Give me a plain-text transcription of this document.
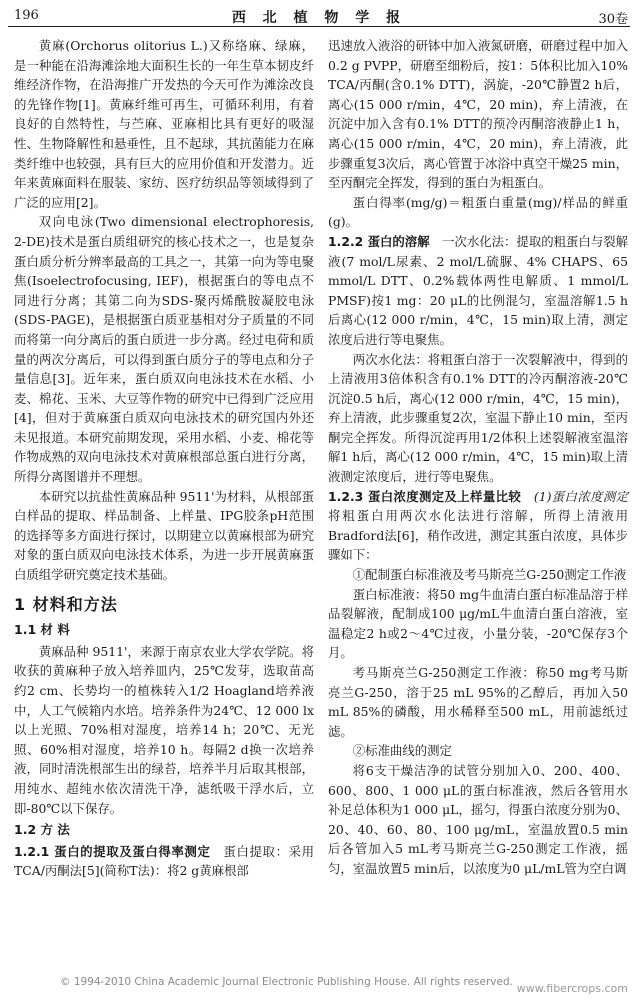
196	西 北 植 物 学 报	30卷

黄麻(Orchorus olitorius L.)又称络麻、绿麻，是一种能在沿海滩涂地大面积生长的一年生草本韧皮纤维经济作物，在沿海推广开发热的今天可作为滩涂改良的先锋作物[1]。黄麻纤维可再生，可循环利用，有着良好的自然特性，与苎麻、亚麻相比具有更好的吸湿性、生物降解性和悬垂性，且不起球，其抗菌能力在麻类纤维中也较强，具有巨大的应用价值和开发潜力。近年来黄麻面料在服装、家纺、医疗纺织品等领域得到了广泛的应用[2]。

双向电泳(Two dimensional electrophoresis, 2-DE)技术是蛋白质组研究的核心技术之一，也是复杂蛋白质分析分辨率最高的工具之一，其第一向为等电聚焦(Isoelectrofocusing, IEF)，根据蛋白的等电点不同进行分离；其第二向为SDS-聚丙烯酰胺凝胶电泳(SDS-PAGE)，是根据蛋白质亚基相对分子质量的不同而将第一向分离后的蛋白质进一步分离。经过电荷和质量的两次分离后，可以得到蛋白质分子的等电点和分子量信息[3]。近年来，蛋白质双向电泳技术在水稻、小麦、棉花、玉米、大豆等作物的研究中已得到广泛应用[4]，但对于黄麻蛋白质双向电泳技术的研究国内外还未见报道。本研究前期发现，采用水稻、小麦、棉花等作物成熟的双向电泳技术对黄麻根部总蛋白进行分离，所得分离图谱并不理想。

本研究以抗盐性黄麻品种 9511'为材料，从根部蛋白样品的提取、样品制备、上样量、IPG胶条pH范围的选择等多方面进行探讨，以期建立以黄麻根部为研究对象的蛋白质双向电泳技术体系，为进一步开展黄麻蛋白质组学研究奠定技术基础。

1 材料和方法
1.1 材 料

黄麻品种 9511'，来源于南京农业大学农学院。将收获的黄麻种子放入培养皿内，25℃发芽，选取苗高约2 cm、长势均一的植株转入1/2 Hoagland培养液中，人工气候箱内水培。培养条件为24℃、12 000 lx以上光照、70%相对湿度，培养14 h；20℃、无光照、60%相对湿度，培养10 h。每隔2 d换一次培养液，同时清洗根部生出的绿苔，培养半月后取其根部，用纯水、超纯水依次清洗干净，滤纸吸干浮水后，立即-80℃以下保存。

1.2 方 法

1.2.1 蛋白的提取及蛋白得率测定　 蛋白提取：采用TCA/丙酮法[5](简称T法)：将2 g黄麻根部

迅速放入液浴的研钵中加入液氮研磨，研磨过程中加入0.2 g PVPP，研磨至细粉后，按1：5体积比加入10% TCA/丙酮(含0.1% DTT)，涡旋，-20℃静置2 h后，离心(15 000 r/min，4℃，20 min)，弃上清液，在沉淀中加入含有0.1% DTT的预冷丙酮溶液静止1 h，离心(15 000 r/min，4℃，20 min)，弃上清液，此步骤重复3次后，离心管置于冰浴中真空干燥25 min，至丙酮完全挥发，得到的蛋白为粗蛋白。

蛋白得率(mg/g)＝粗蛋白重量(mg)/样品的鲜重(g)。

1.2.2 蛋白的溶解　 一次水化法：提取的粗蛋白与裂解液(7 mol/L尿素、2 mol/L硫脲、4% CHAPS、65 mmol/L DTT、0.2%载体两性电解质、1 mmol/L PMSF)按1 mg：20 μL的比例混匀，室温溶解1.5 h后离心(12 000 r/min，4℃，15 min)取上清，测定浓度后进行等电聚焦。

两次水化法：将粗蛋白溶于一次裂解液中，得到的上清液用3倍体积含有0.1% DTT的冷丙酮溶液-20℃沉淀0.5 h后，离心(12 000 r/min，4℃，15 min)，弃上清液，此步骤重复2次，室温下静止10 min，至丙酮完全挥发。所得沉淀再用1/2体积上述裂解液室温溶解1 h后，离心(12 000 r/min，4℃，15 min)取上清液测定浓度后，进行等电聚焦。

1.2.3 蛋白浓度测定及上样量比较　 (1)蛋白浓度测定　将粗蛋白用两次水化法进行溶解，所得上清液用Bradford法[6]，稍作改进，测定其蛋白浓度，具体步骤如下：

①配制蛋白标准液及考马斯亮兰G-250测定工作液

蛋白标准液：将50 mg牛血清白蛋白标准品溶于样品裂解液，配制成100 μg/mL牛血清白蛋白溶液，室温稳定2 h或2～4℃过夜，小量分装，-20℃保存3个月。

考马斯亮兰G-250测定工作液：称50 mg考马斯亮兰G-250，溶于25 mL 95%的乙醇后，再加入50 mL 85%的磷酸，用水稀释至500 mL，用前滤纸过滤。

②标准曲线的测定

将6支干燥洁净的试管分别加入0、200、400、600、800、1 000 μL的蛋白标准液，然后各管用水补足总体积为1 000 μL，摇匀，得蛋白浓度分别为0、20、40、60、80、100 μg/mL，室温放置0.5 min后各管加入5 mL考马斯亮兰G-250测定工作液，摇匀，室温放置5 min后，以浓度为0 μL/mL管为空白调

© 1994-2010 China Academic Journal Electronic Publishing House. All rights reserved. www.fibercrops.com
